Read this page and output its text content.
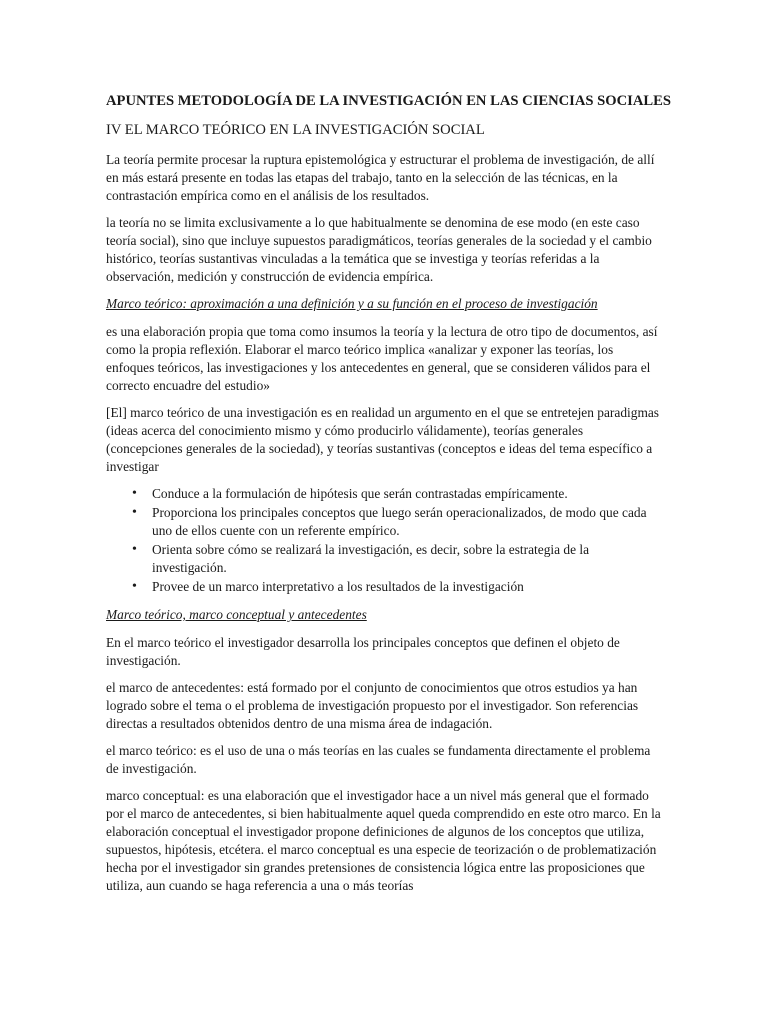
APUNTES METODOLOGÍA DE LA INVESTIGACIÓN EN LAS CIENCIAS SOCIALES
IV EL MARCO TEÓRICO EN LA INVESTIGACIÓN SOCIAL

La teoría permite procesar la ruptura epistemológica y estructurar el problema de investigación, de allí en más estará presente en todas las etapas del trabajo, tanto en la selección de las técnicas, en la contrastación empírica como en el análisis de los resultados.

la teoría no se limita exclusivamente a lo que habitualmente se denomina de ese modo (en este caso teoría social), sino que incluye supuestos paradigmáticos, teorías generales de la sociedad y el cambio histórico, teorías sustantivas vinculadas a la temática que se investiga y teorías referidas a la observación, medición y construcción de evidencia empírica.

Marco teórico: aproximación a una definición y a su función en el proceso de investigación

es una elaboración propia que toma como insumos la teoría y la lectura de otro tipo de documentos, así como la propia reflexión. Elaborar el marco teórico implica «analizar y exponer las teorías, los enfoques teóricos, las investigaciones y los antecedentes en general, que se consideren válidos para el correcto encuadre del estudio»

[El] marco teórico de una investigación es en realidad un argumento en el que se entretejen paradigmas (ideas acerca del conocimiento mismo y cómo producirlo válidamente), teorías generales (concepciones generales de la sociedad), y teorías sustantivas (conceptos e ideas del tema específico a investigar

• Conduce a la formulación de hipótesis que serán contrastadas empíricamente.
• Proporciona los principales conceptos que luego serán operacionalizados, de modo que cada uno de ellos cuente con un referente empírico.
• Orienta sobre cómo se realizará la investigación, es decir, sobre la estrategia de la investigación.
• Provee de un marco interpretativo a los resultados de la investigación
Marco teórico, marco conceptual y antecedentes

En el marco teórico el investigador desarrolla los principales conceptos que definen el objeto de investigación.

el marco de antecedentes: está formado por el conjunto de conocimientos que otros estudios ya han logrado sobre el tema o el problema de investigación propuesto por el investigador. Son referencias directas a resultados obtenidos dentro de una misma área de indagación.

el marco teórico: es el uso de una o más teorías en las cuales se fundamenta directamente el problema de investigación.

marco conceptual: es una elaboración que el investigador hace a un nivel más general que el formado por el marco de antecedentes, si bien habitualmente aquel queda comprendido en este otro marco. En la elaboración conceptual el investigador propone definiciones de algunos de los conceptos que utiliza, supuestos, hipótesis, etcétera. el marco conceptual es una especie de teorización o de problematización hecha por el investigador sin grandes pretensiones de consistencia lógica entre las proposiciones que utiliza, aun cuando se haga referencia a una o más teorías
